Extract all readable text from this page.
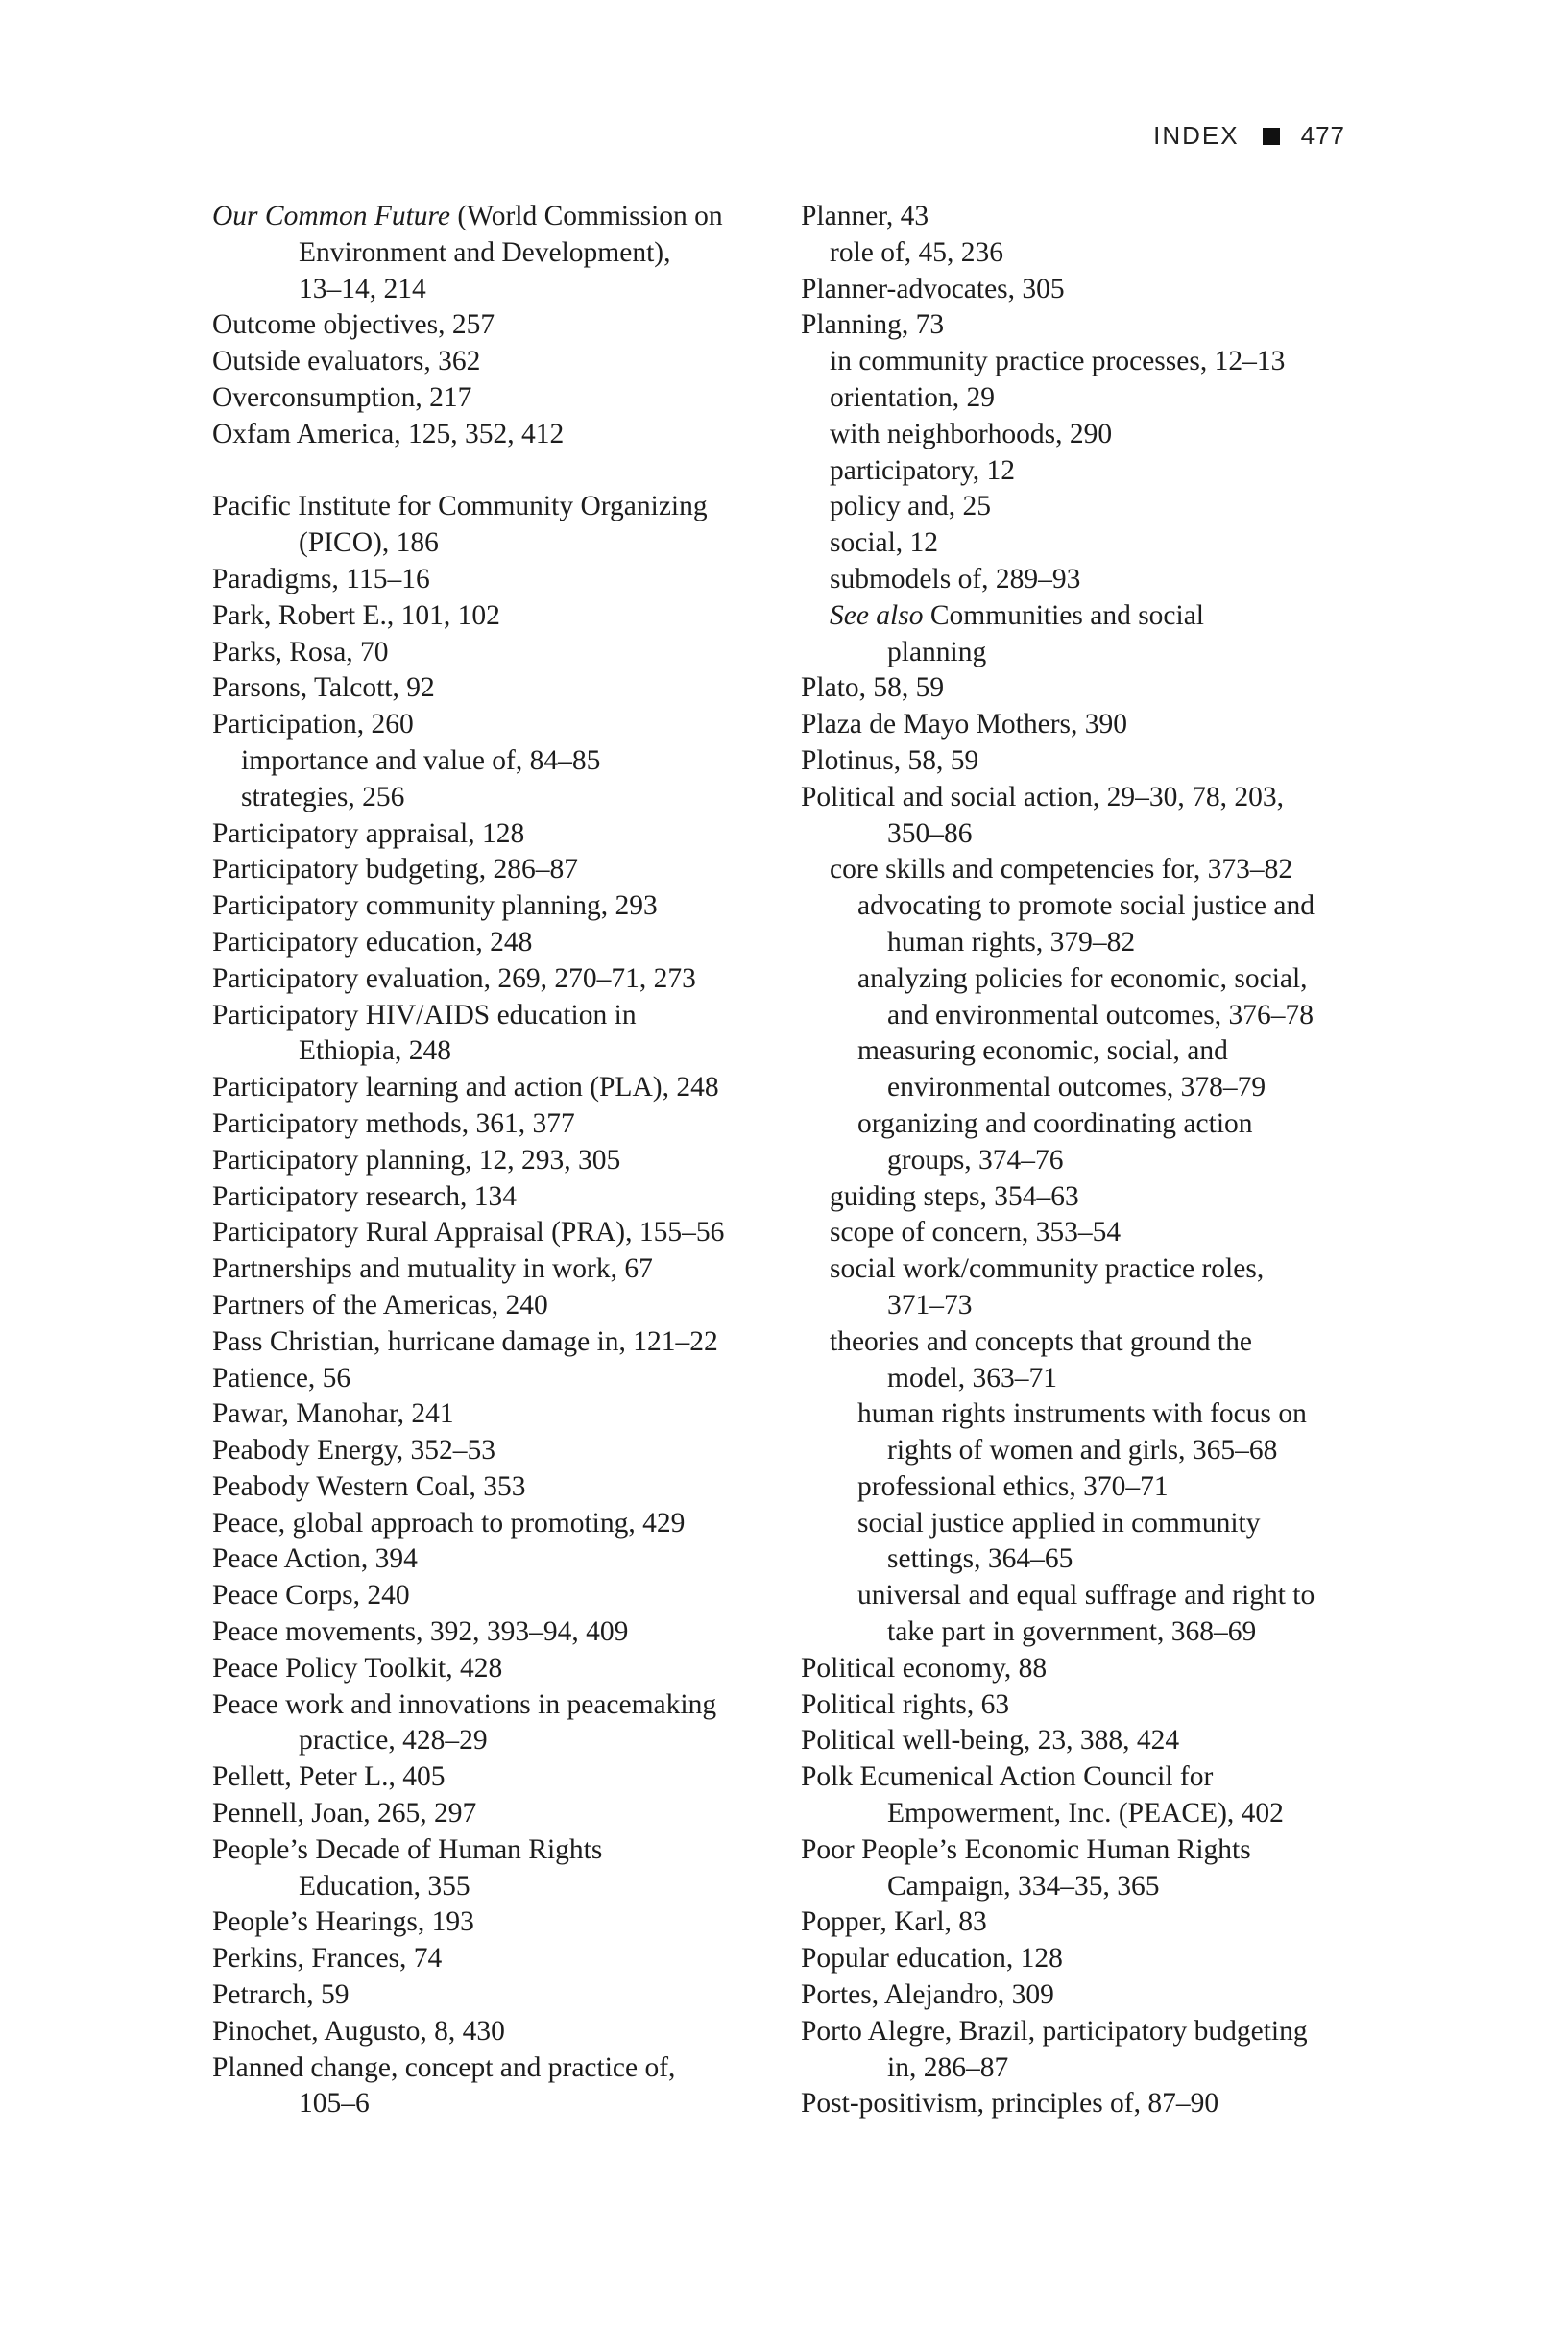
INDEX 477
Our Common Future (World Commission on
Environment and Development),
13–14, 214
Outcome objectives, 257
Outside evaluators, 362
Overconsumption, 217
Oxfam America, 125, 352, 412
Pacific Institute for Community Organizing
(PICO), 186
Paradigms, 115–16
Park, Robert E., 101, 102
Parks, Rosa, 70
Parsons, Talcott, 92
Participation, 260
importance and value of, 84–85
strategies, 256
Participatory appraisal, 128
Participatory budgeting, 286–87
Participatory community planning, 293
Participatory education, 248
Participatory evaluation, 269, 270–71, 273
Participatory HIV/AIDS education in
Ethiopia, 248
Participatory learning and action (PLA), 248
Participatory methods, 361, 377
Participatory planning, 12, 293, 305
Participatory research, 134
Participatory Rural Appraisal (PRA), 155–56
Partnerships and mutuality in work, 67
Partners of the Americas, 240
Pass Christian, hurricane damage in, 121–22
Patience, 56
Pawar, Manohar, 241
Peabody Energy, 352–53
Peabody Western Coal, 353
Peace, global approach to promoting, 429
Peace Action, 394
Peace Corps, 240
Peace movements, 392, 393–94, 409
Peace Policy Toolkit, 428
Peace work and innovations in peacemaking
practice, 428–29
Pellett, Peter L., 405
Pennell, Joan, 265, 297
People’s Decade of Human Rights
Education, 355
People’s Hearings, 193
Perkins, Frances, 74
Petrarch, 59
Pinochet, Augusto, 8, 430
Planned change, concept and practice of,
105–6
Planner, 43
role of, 45, 236
Planner-advocates, 305
Planning, 73
in community practice processes, 12–13
orientation, 29
with neighborhoods, 290
participatory, 12
policy and, 25
social, 12
submodels of, 289–93
See also Communities and social
planning
Plato, 58, 59
Plaza de Mayo Mothers, 390
Plotinus, 58, 59
Political and social action, 29–30, 78, 203,
350–86
core skills and competencies for, 373–82
advocating to promote social justice and
human rights, 379–82
analyzing policies for economic, social,
and environmental outcomes, 376–78
measuring economic, social, and
environmental outcomes, 378–79
organizing and coordinating action
groups, 374–76
guiding steps, 354–63
scope of concern, 353–54
social work/community practice roles,
371–73
theories and concepts that ground the
model, 363–71
human rights instruments with focus on
rights of women and girls, 365–68
professional ethics, 370–71
social justice applied in community
settings, 364–65
universal and equal suffrage and right to
take part in government, 368–69
Political economy, 88
Political rights, 63
Political well-being, 23, 388, 424
Polk Ecumenical Action Council for
Empowerment, Inc. (PEACE), 402
Poor People’s Economic Human Rights
Campaign, 334–35, 365
Popper, Karl, 83
Popular education, 128
Portes, Alejandro, 309
Porto Alegre, Brazil, participatory budgeting
in, 286–87
Post-positivism, principles of, 87–90
